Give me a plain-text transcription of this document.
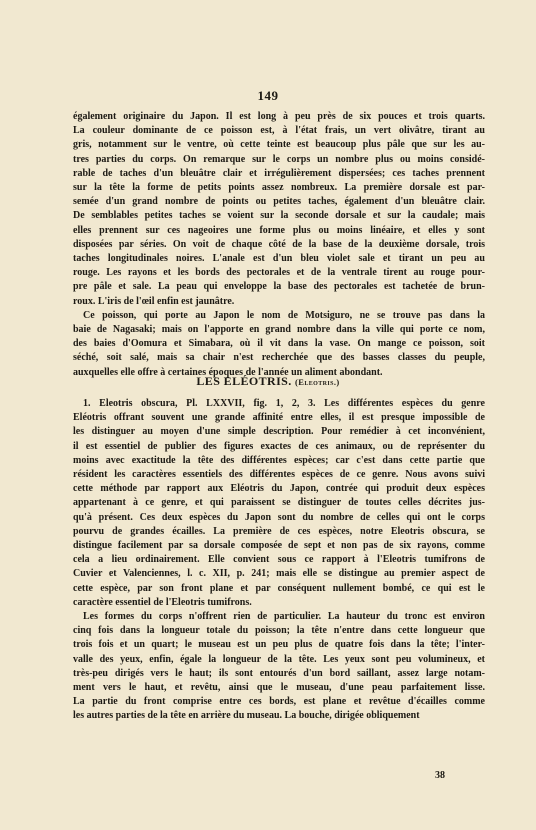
149
également originaire du Japon. Il est long à peu près de six pouces et trois quarts.
La couleur dominante de ce poisson est, à l'état frais, un vert olivâtre, tirant au
gris, notamment sur le ventre, où cette teinte est beaucoup plus pâle que sur les au-
tres parties du corps. On remarque sur le corps un nombre plus ou moins considé-
rable de taches d'un bleuâtre clair et irrégulièrement dispersées; ces taches prennent
sur la tête la forme de petits points assez nombreux. La première dorsale est par-
semée d'un grand nombre de points ou petites taches, également d'un bleuâtre clair.
De semblables petites taches se voient sur la seconde dorsale et sur la caudale; mais
elles prennent sur ces nageoires une forme plus ou moins linéaire, et elles y sont
disposées par séries. On voit de chaque côté de la base de la deuxième dorsale, trois
taches longitudinales noires. L'anale est d'un bleu violet sale et tirant un peu au
rouge. Les rayons et les bords des pectorales et de la ventrale tirent au rouge pour-
pre pâle et sale. La peau qui enveloppe la base des pectorales est tachetée de brun-
roux. L'iris de l'œil enfin est jaunâtre.
Ce poisson, qui porte au Japon le nom de Motsiguro, ne se trouve pas dans la
baie de Nagasaki; mais on l'apporte en grand nombre dans la ville qui porte ce nom,
des baies d'Oomura et Simabara, où il vit dans la vase. On mange ce poisson, soit
séché, soit salé, mais sa chair n'est recherchée que des basses classes du peuple,
auxquelles elle offre à certaines époques de l'année un aliment abondant.
LES ELÉOTRIS. (Eleotris.)
1. Eleotris obscura, Pl. LXXVII, fig. 1, 2, 3. Les différentes espèces du genre
Eléotris offrant souvent une grande affinité entre elles, il est presque impossible de
les distinguer au moyen d'une simple description. Pour remédier à cet inconvénient,
il est essentiel de publier des figures exactes de ces animaux, ou de représenter du
moins avec exactitude la tête des différentes espèces; car c'est dans cette partie que
résident les caractères essentiels des différentes espèces de ce genre. Nous avons suivi
cette méthode par rapport aux Eléotris du Japon, contrée qui produit deux espèces
appartenant à ce genre, et qui paraissent se distinguer de toutes celles décrites jus-
qu'à présent. Ces deux espèces du Japon sont du nombre de celles qui ont le corps
pourvu de grandes écailles. La première de ces espèces, notre Eleotris obscura, se
distingue facilement par sa dorsale composée de sept et non pas de six rayons, comme
cela a lieu ordinairement. Elle convient sous ce rapport à l'Eleotris tumifrons de
Cuvier et Valenciennes, l. c. XII, p. 241; mais elle se distingue au premier aspect de
cette espèce, par son front plane et par conséquent nullement bombé, ce qui est le
caractère essentiel de l'Eleotris tumifrons.
Les formes du corps n'offrent rien de particulier. La hauteur du tronc est environ
cinq fois dans la longueur totale du poisson; la tête n'entre dans cette longueur que
trois fois et un quart; le museau est un peu plus de quatre fois dans la tête; l'inter-
valle des yeux, enfin, égale la longueur de la tête. Les yeux sont peu volumineux, et
très-peu dirigés vers le haut; ils sont entourés d'un bord saillant, assez large notam-
ment vers le haut, et revêtu, ainsi que le museau, d'une peau parfaitement lisse.
La partie du front comprise entre ces bords, est plane et revêtue d'écailles comme
les autres parties de la tête en arrière du museau. La bouche, dirigée obliquement
38
